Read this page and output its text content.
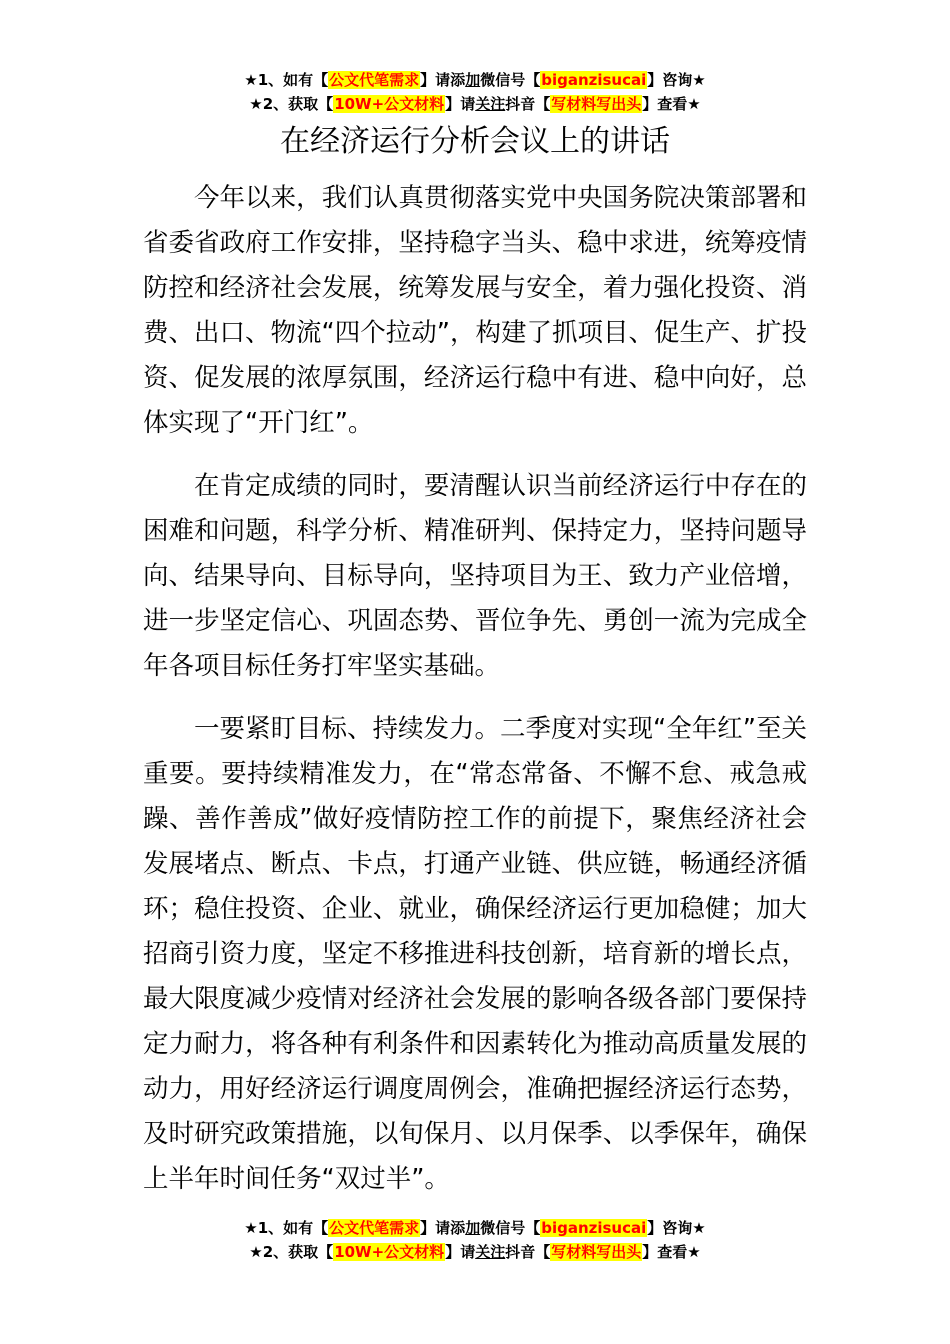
★1、如有【公文代笔需求】请添加微信号【biganzisucai】咨询★
★2、获取【10W+公文材料】请关注抖音【写材料写出头】查看★
在经济运行分析会议上的讲话

今年以来，我们认真贯彻落实党中央国务院决策部署和省委省政府工作安排，坚持稳字当头、稳中求进，统筹疫情防控和经济社会发展，统筹发展与安全，着力强化投资、消费、出口、物流“四个拉动”，构建了抓项目、促生产、扩投资、促发展的浓厚氛围，经济运行稳中有进、稳中向好，总体实现了“开门红”。

在肯定成绩的同时，要清醒认识当前经济运行中存在的困难和问题，科学分析、精准研判、保持定力，坚持问题导向、结果导向、目标导向，坚持项目为王、致力产业倍增，进一步坚定信心、巩固态势、晋位争先、勇创一流为完成全年各项目标任务打牢坚实基础。

一要紧盯目标、持续发力。二季度对实现“全年红”至关重要。要持续精准发力，在“常态常备、不懈不怠、戒急戒躁、善作善成”做好疫情防控工作的前提下，聚焦经济社会发展堵点、断点、卡点，打通产业链、供应链，畅通经济循环；稳住投资、企业、就业，确保经济运行更加稳健；加大招商引资力度，坚定不移推进科技创新，培育新的增长点，最大限度减少疫情对经济社会发展的影响各级各部门要保持定力耐力，将各种有利条件和因素转化为推动高质量发展的动力，用好经济运行调度周例会，准确把握经济运行态势，及时研究政策措施，以旬保月、以月保季、以季保年，确保上半年时间任务“双过半”。

★1、如有【公文代笔需求】请添加微信号【biganzisucai】咨询★
★2、获取【10W+公文材料】请关注抖音【写材料写出头】查看★
